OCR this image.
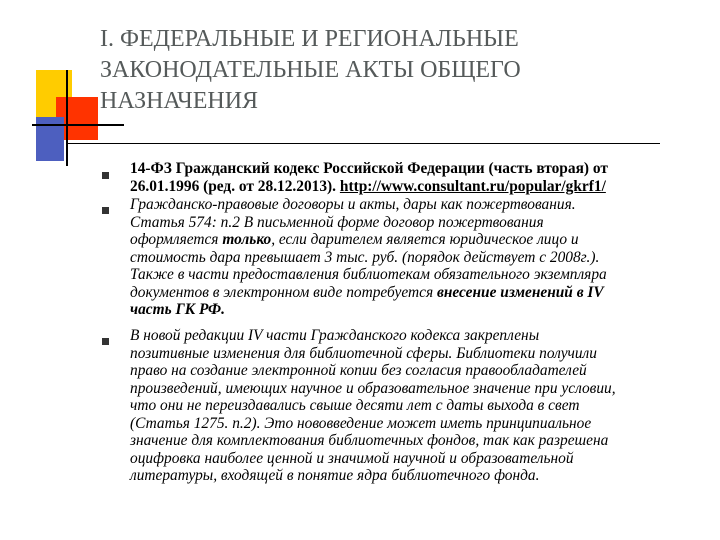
I. ФЕДЕРАЛЬНЫЕ И РЕГИОНАЛЬНЫЕ
ЗАКОНОДАТЕЛЬНЫЕ АКТЫ ОБЩЕГО
НАЗНАЧЕНИЯ
14-ФЗ Гражданский кодекс Российской Федерации (часть вторая) от
26.01.1996 (ред. от 28.12.2013). http://www.consultant.ru/popular/gkrf1/
Гражданско-правовые договоры и акты, дары как пожертвования.
Статья 574: п.2 В письменной форме договор пожертвования
оформляется только, если дарителем является юридическое лицо и
стоимость дара превышает 3 тыс. руб. (порядок действует с 2008г.).
Также в части предоставления библиотекам обязательного экземпляра
документов в электронном виде потребуется внесение изменений в IV
часть ГК РФ.
В новой редакции IV части Гражданского кодекса закреплены
позитивные изменения для библиотечной сферы. Библиотеки получили
право на создание электронной копии без согласия правообладателей
произведений, имеющих научное и образовательное значение при условии,
что они не переиздавались свыше десяти лет с даты выхода в свет
(Статья 1275. п.2). Это нововведение может иметь принципиальное
значение для комплектования библиотечных фондов, так как разрешена
оцифровка наиболее ценной и значимой научной и образовательной
литературы, входящей в понятие ядра библиотечного фонда.
